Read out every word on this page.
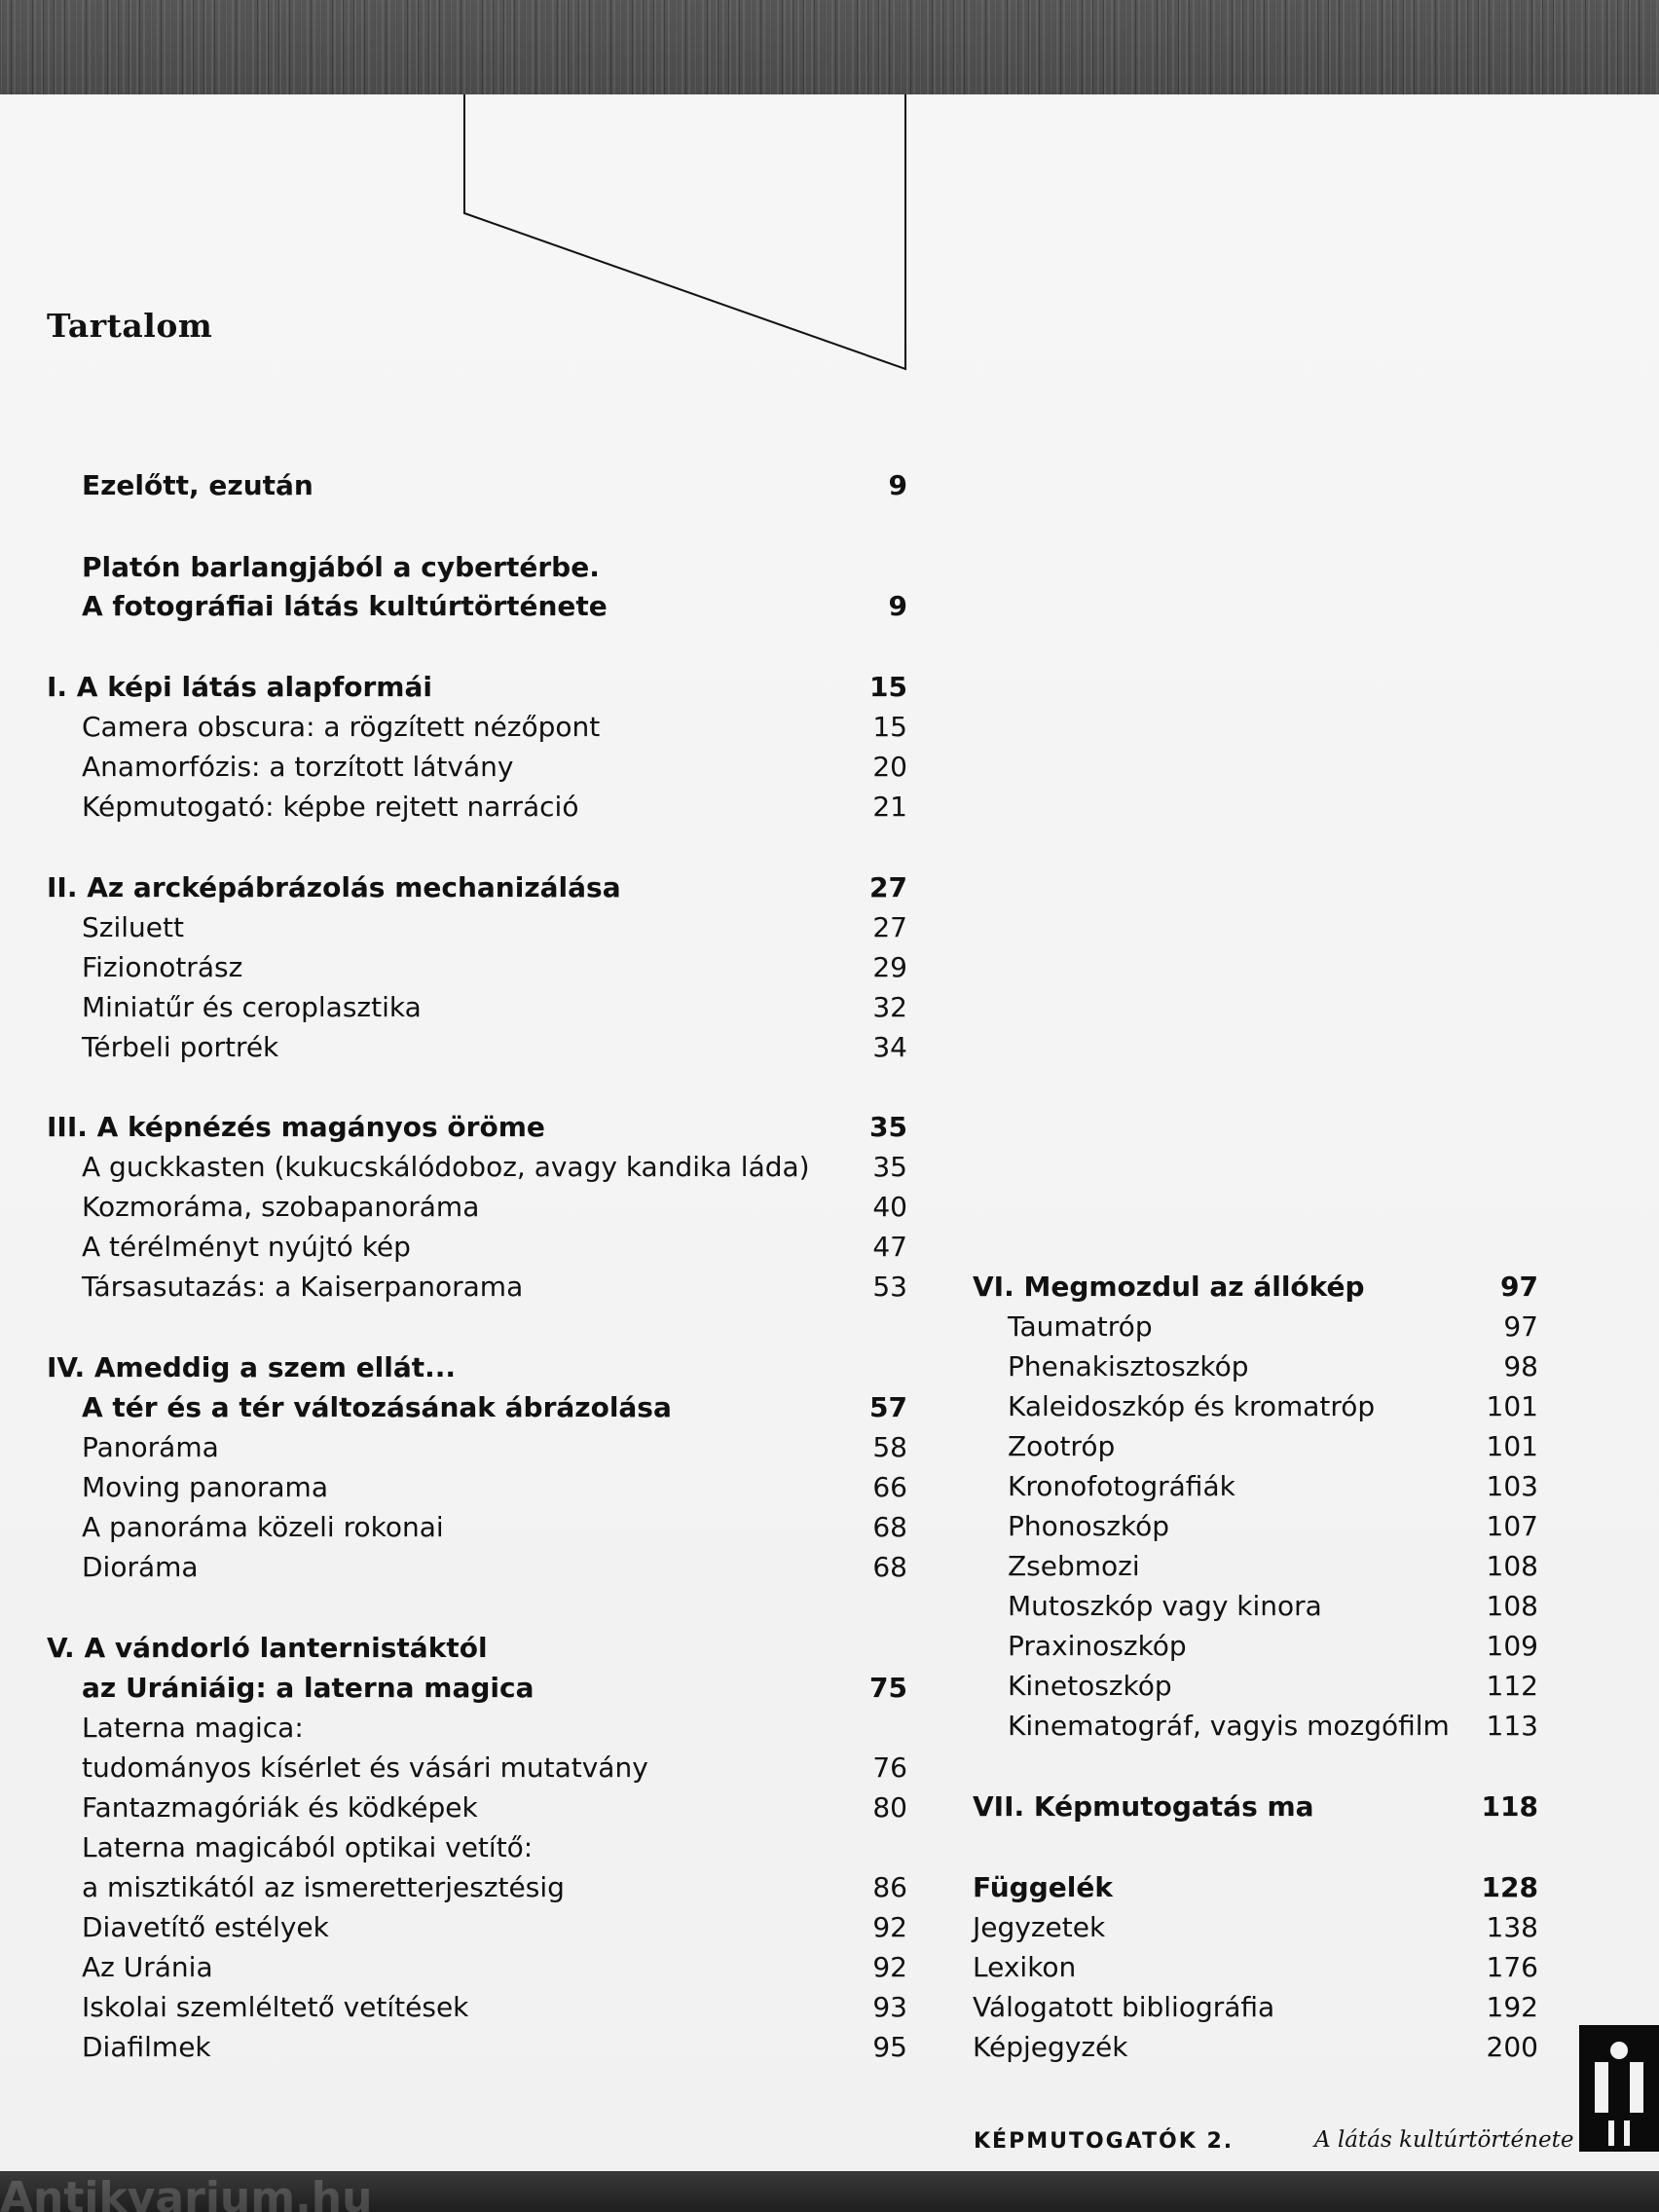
Tartalom
Ezelőtt, ezután	9
Platón barlangjából a cybertérbe.
A fotográfiai látás kultúrtörténete	9
I. A képi látás alapformái	15
Camera obscura: a rögzített nézőpont	15
Anamorfózis: a torzított látvány	20
Képmutogató: képbe rejtett narráció	21
II. Az arcképábrázolás mechanizálása	27
Sziluett	27
Fizionotrász	29
Miniatűr és ceroplasztika	32
Térbeli portrék	34
III. A képnézés magányos öröme	35
A guckkasten (kukucskálódoboz, avagy kandika láda) 35
Kozmoráma, szobapanoráma	40
A térélményt nyújtó kép	47
Társasutazás: a Kaiserpanorama	53
IV. Ameddig a szem ellát...
A tér és a tér változásának ábrázolása	57
Panoráma	58
Moving panorama	66
A panoráma közeli rokonai	68
Dioráma	68
V. A vándorló lanternistáktól
az Urániáig: a laterna magica	75
Laterna magica:
tudományos kísérlet és vásári mutatvány	76
Fantazmagóriák és ködképek	80
Laterna magicából optikai vetítő:
a misztikától az ismeretterjesztésig	86
Diavetítő estélyek	92
Az Uránia	92
Iskolai szemléltető vetítések	93
Diafilmek	95
VI. Megmozdul az állókép	97
Taumatróp	97
Phenakisztoszkóp	98
Kaleidoszkóp és kromatróp	101
Zootróp	101
Kronofotográfiák	103
Phonoszkóp	107
Zsebmozi	108
Mutoszkóp vagy kinora	108
Praxinoszkóp	109
Kinetoszkóp	112
Kinematográf, vagyis mozgófilm 113
VII. Képmutogatás ma	118
Függelék	128
Jegyzetek	138
Lexikon	176
Válogatott bibliográfia	192
Képjegyzék	200
KÉPMUTOGATÓK 2.	A látás kultúrtörténete
Antikvarium.hu
